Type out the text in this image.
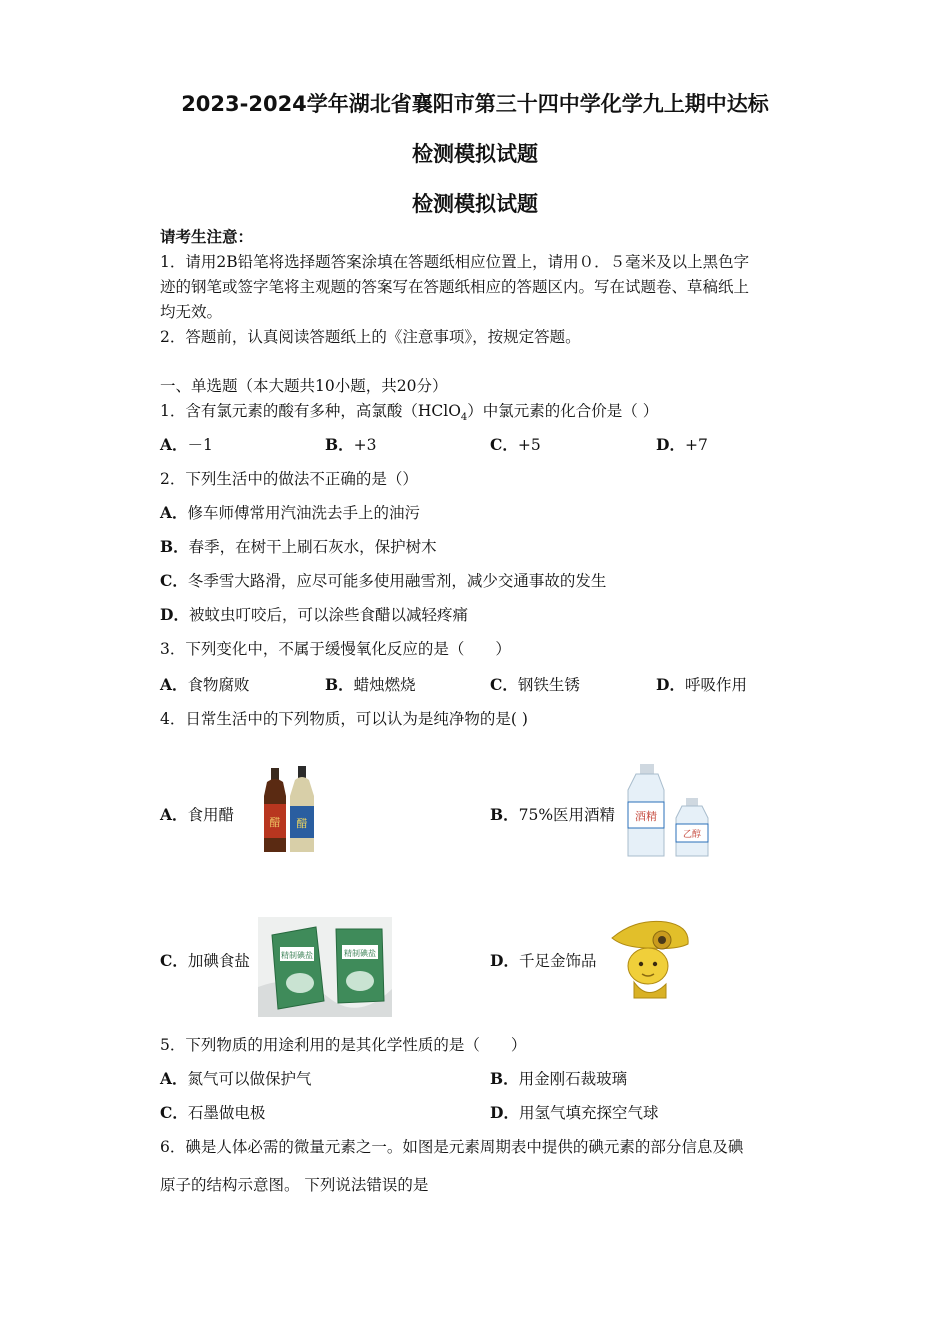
2023-2024学年湖北省襄阳市第三十四中学化学九上期中达标
检测模拟试题
检测模拟试题
请考生注意：
1．请用2B铅笔将选择题答案涂填在答题纸相应位置上，请用０．５毫米及以上黑色字
迹的钢笔或签字笔将主观题的答案写在答题纸相应的答题区内。写在试题卷、草稿纸上
均无效。
2．答题前，认真阅读答题纸上的《注意事项》，按规定答题。
一、单选题（本大题共10小题，共20分）
1．含有氯元素的酸有多种，高氯酸（HClO$_4$）中氯元素的化合价是（ ）
A．－1	B．+3	C．+5	D．+7
2．下列生活中的做法不正确的是（）
A．修车师傅常用汽油洗去手上的油污
B．春季，在树干上刷石灰水，保护树木
C．冬季雪大路滑，应尽可能多使用融雪剂，减少交通事故的发生
D．被蚊虫叮咬后，可以涂些食醋以减轻疼痛
3．下列变化中，不属于缓慢氧化反应的是（　　）
A．食物腐败	B．蜡烛燃烧	C．钢铁生锈	D．呼吸作用
4．日常生活中的下列物质，可以认为是纯净物的是( )
A．食用醋	醋 醋	B．75%医用酒精 酒精
乙醇
C．加碘食盐	精制碘盐	精制碘盐	D．千足金饰品
5．下列物质的用途利用的是其化学性质的是（　　）
A．氮气可以做保护气	B．用金刚石裁玻璃
C．石墨做电极	D．用氢气填充探空气球
6．碘是人体必需的微量元素之一。如图是元素周期表中提供的碘元素的部分信息及碘
原子的结构示意图。 下列说法错误的是
